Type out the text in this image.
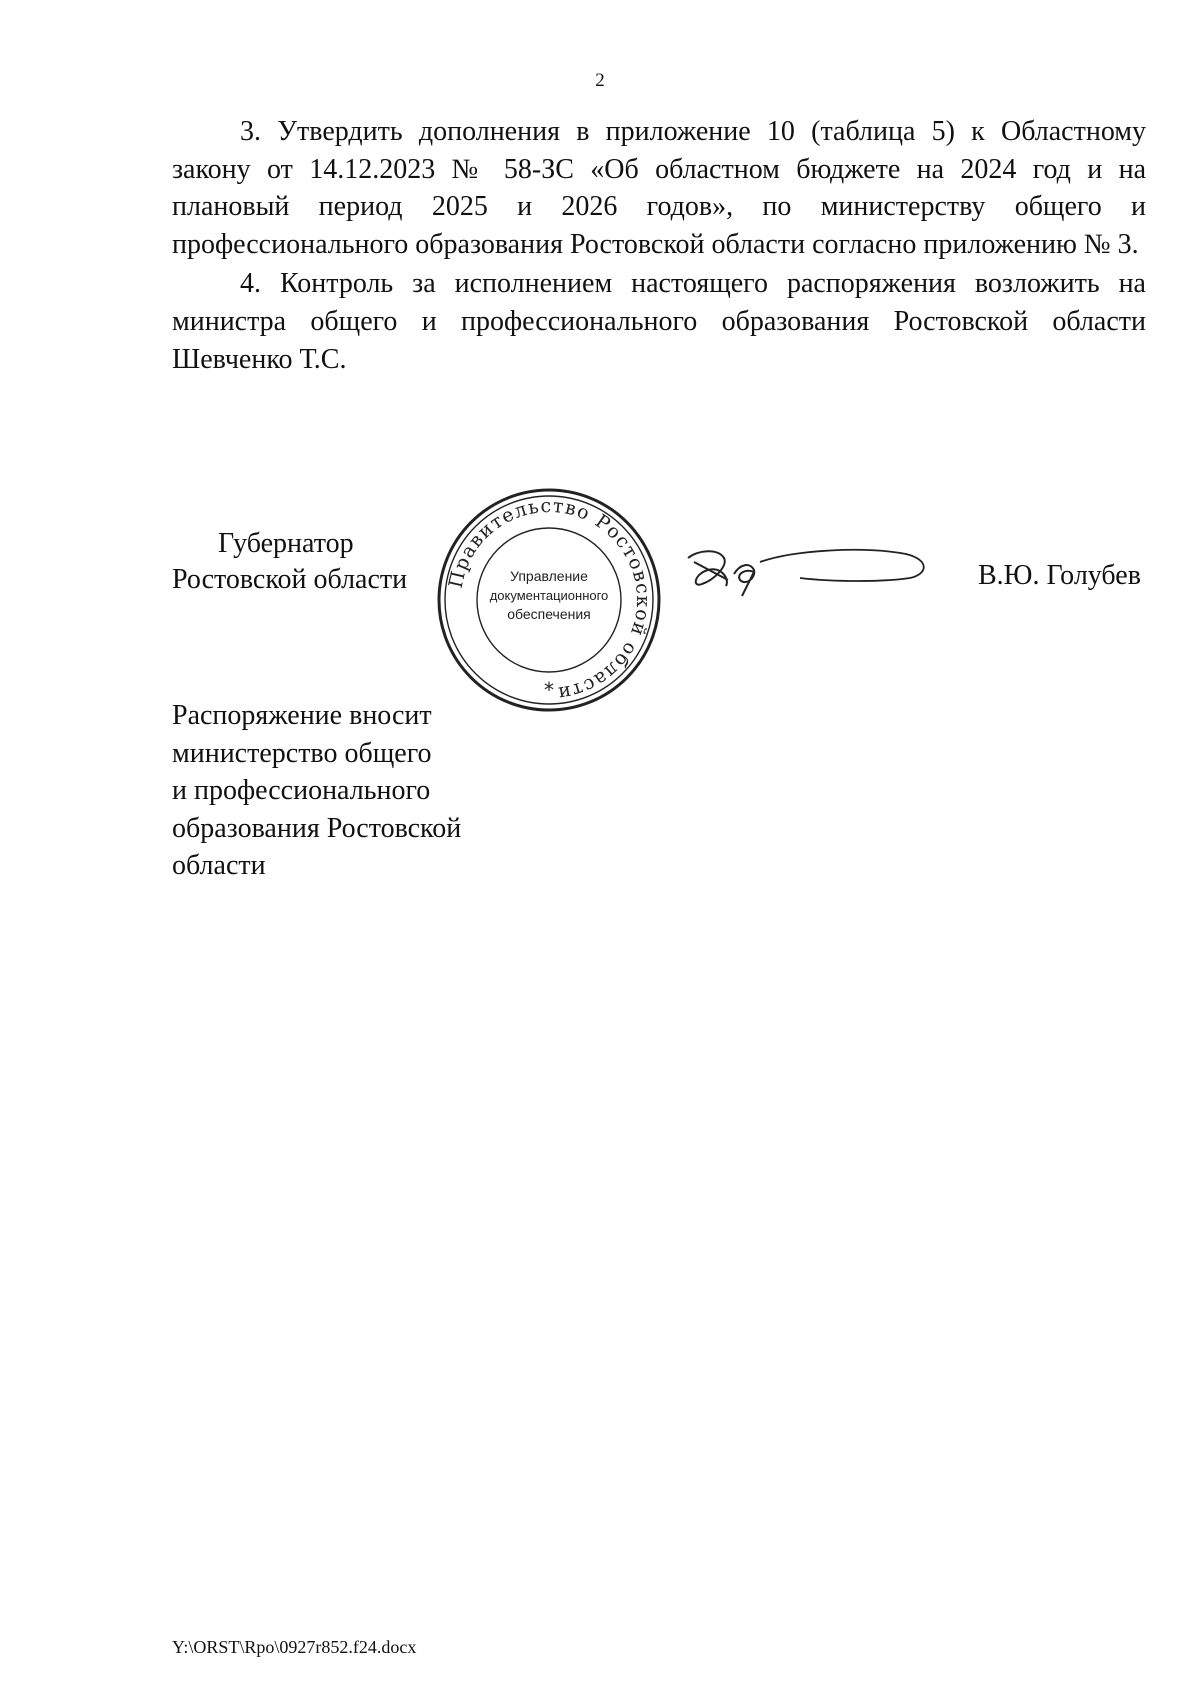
2

3. Утвердить дополнения в приложение 10 (таблица 5) к Областному закону от 14.12.2023 № 58-ЗС «Об областном бюджете на 2024 год и на плановый период 2025 и 2026 годов», по министерству общего и профессионального образования Ростовской области согласно приложению № 3.

4. Контроль за исполнением настоящего распоряжения возложить на министра общего и профессионального образования Ростовской области Шевченко Т.С.

Губернатор
Ростовской области Правительство Ростовской области
Управление
документационного
обеспечения
*
В.Ю. Голубев
Распоряжение вносит
министерство общего
и профессионального
образования Ростовской
области
Y:\ORST\Rpo\0927r852.f24.docx
